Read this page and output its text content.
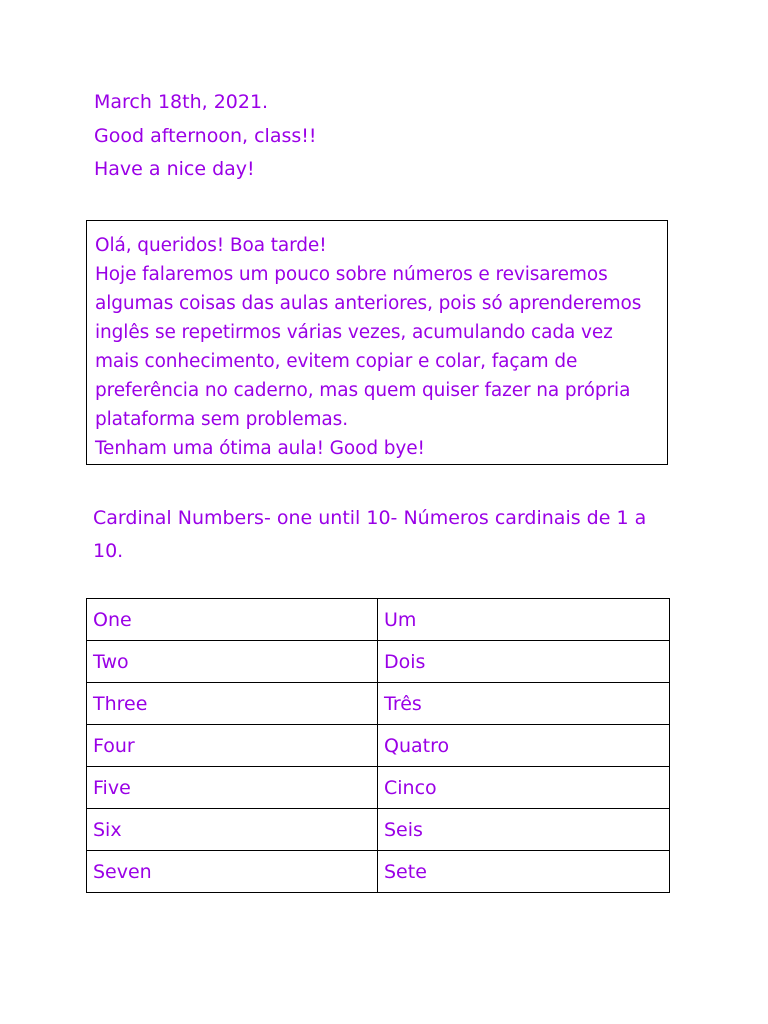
March 18th, 2021.
Good afternoon, class!!
Have a nice day!

Olá, queridos! Boa tarde!

Hoje falaremos um pouco sobre números e revisaremos algumas coisas das aulas anteriores, pois só aprenderemos inglês se repetirmos várias vezes, acumulando cada vez mais conhecimento, evitem copiar e colar, façam de preferência no caderno, mas quem quiser fazer na própria plataforma sem problemas.

Tenham uma ótima aula! Good bye!

Cardinal Numbers- one until 10- Números cardinais de 1 a 10.
One	Um
Two	Dois
Three	Três
Four	Quatro
Five	Cinco
Six	Seis
Seven	Sete
